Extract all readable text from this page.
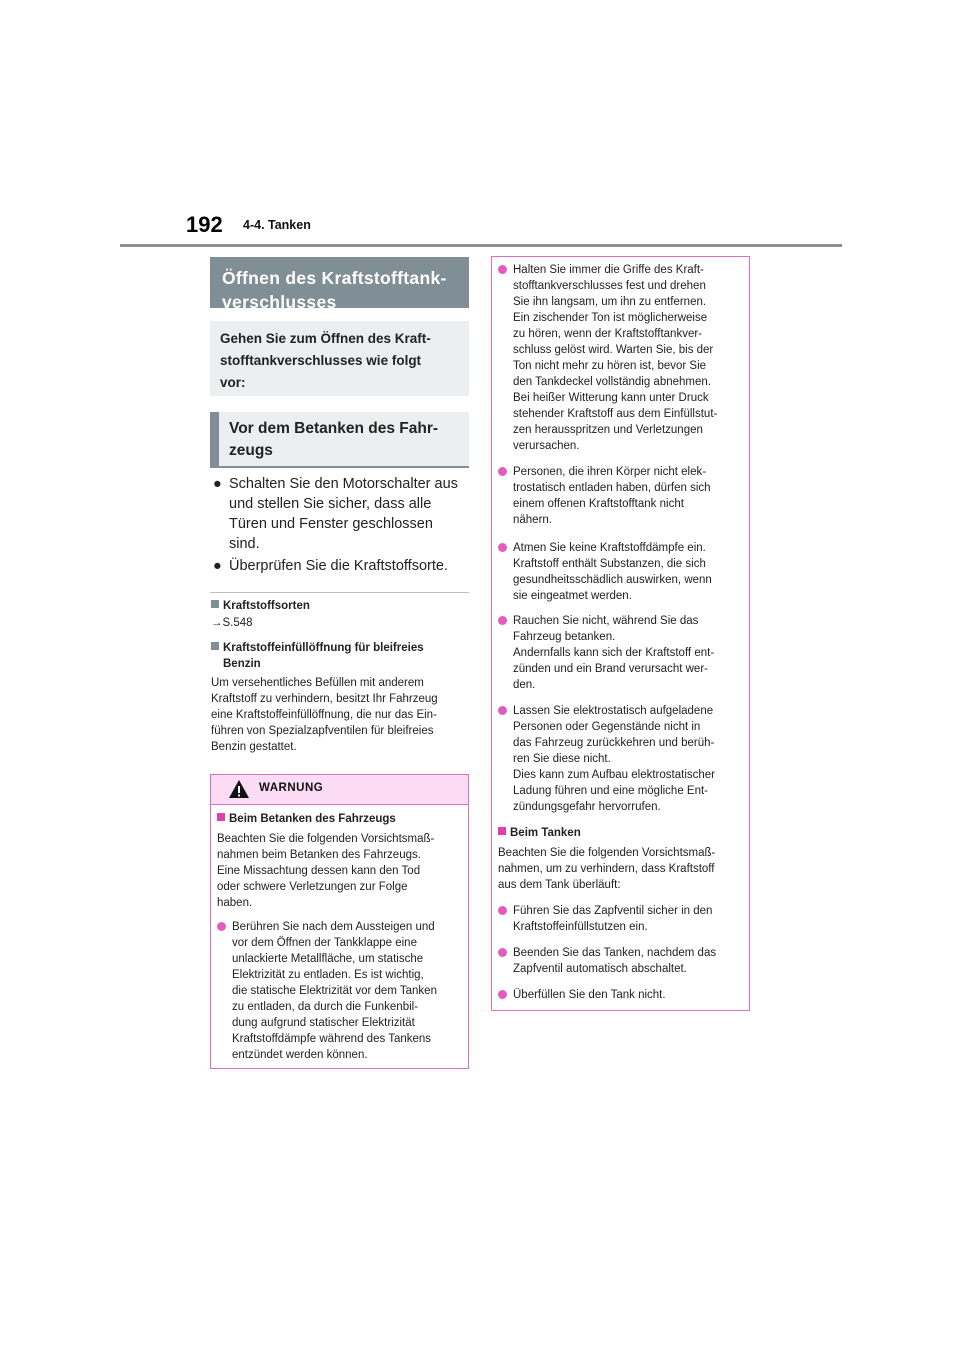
192 4-4. Tanken
Öffnen des Kraftstofftank-
verschlusses
Gehen Sie zum Öffnen des Kraft-
stofftankverschlusses wie folgt
vor:
Vor dem Betanken des Fahr-
zeugs
● Schalten Sie den Motorschalter aus
und stellen Sie sicher, dass alle
Türen und Fenster geschlossen
sind.
● Überprüfen Sie die Kraftstoffsorte.
Kraftstoffsorten
→S.548
Kraftstoffeinfüllöffnung für bleifreies
Benzin
Um versehentliches Befüllen mit anderem
Kraftstoff zu verhindern, besitzt Ihr Fahrzeug
eine Kraftstoffeinfüllöffnung, die nur das Ein-
führen von Spezialzapfventilen für bleifreies
Benzin gestattet.
WARNUNG
Beim Betanken des Fahrzeugs
Beachten Sie die folgenden Vorsichtsmaß-
nahmen beim Betanken des Fahrzeugs.
Eine Missachtung dessen kann den Tod
oder schwere Verletzungen zur Folge
haben.
Berühren Sie nach dem Aussteigen und
vor dem Öffnen der Tankklappe eine
unlackierte Metallfläche, um statische
Elektrizität zu entladen. Es ist wichtig,
die statische Elektrizität vor dem Tanken
zu entladen, da durch die Funkenbil-
dung aufgrund statischer Elektrizität
Kraftstoffdämpfe während des Tankens
entzündet werden können.
Halten Sie immer die Griffe des Kraft-
stofftankverschlusses fest und drehen
Sie ihn langsam, um ihn zu entfernen.
Ein zischender Ton ist möglicherweise
zu hören, wenn der Kraftstofftankver-
schluss gelöst wird. Warten Sie, bis der
Ton nicht mehr zu hören ist, bevor Sie
den Tankdeckel vollständig abnehmen.
Bei heißer Witterung kann unter Druck
stehender Kraftstoff aus dem Einfüllstut-
zen herausspritzen und Verletzungen
verursachen.
Personen, die ihren Körper nicht elek-
trostatisch entladen haben, dürfen sich
einem offenen Kraftstofftank nicht
nähern.
Atmen Sie keine Kraftstoffdämpfe ein.
Kraftstoff enthält Substanzen, die sich
gesundheitsschädlich auswirken, wenn
sie eingeatmet werden.
Rauchen Sie nicht, während Sie das
Fahrzeug betanken.
Andernfalls kann sich der Kraftstoff ent-
zünden und ein Brand verursacht wer-
den.
Lassen Sie elektrostatisch aufgeladene
Personen oder Gegenstände nicht in
das Fahrzeug zurückkehren und berüh-
ren Sie diese nicht.
Dies kann zum Aufbau elektrostatischer
Ladung führen und eine mögliche Ent-
zündungsgefahr hervorrufen.
Beim Tanken
Beachten Sie die folgenden Vorsichtsmaß-
nahmen, um zu verhindern, dass Kraftstoff
aus dem Tank überläuft:
Führen Sie das Zapfventil sicher in den
Kraftstoffeinfüllstutzen ein.
Beenden Sie das Tanken, nachdem das
Zapfventil automatisch abschaltet.
Überfüllen Sie den Tank nicht.
